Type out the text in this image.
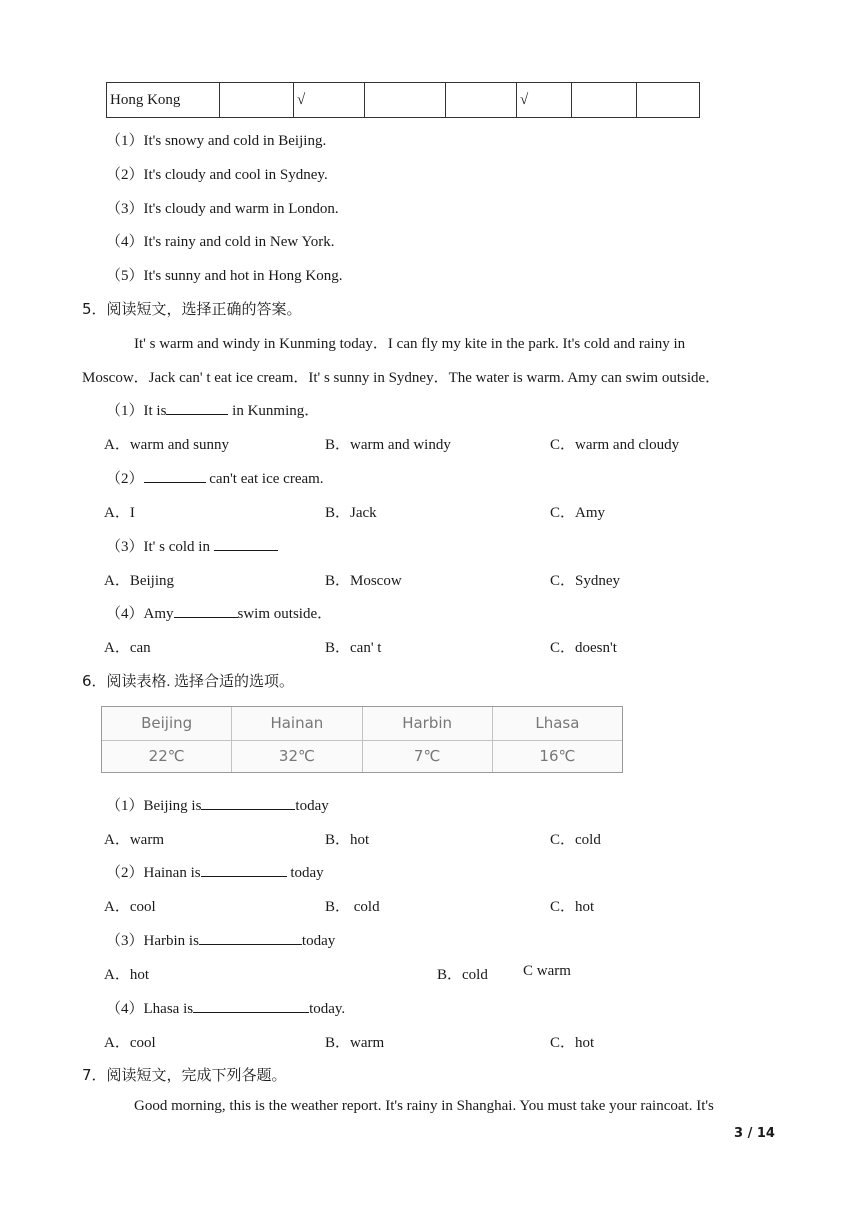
Hong Kong		√			√		
（1）It's snowy and cold in Beijing.
（2）It's cloudy and cool in Sydney.
（3）It's cloudy and warm in London.
（4）It's rainy and cold in New York.
（5）It's sunny and hot in Hong Kong.
5．阅读短文，选择正确的答案。
It' s warm and windy in Kunming today．I can fly my kite in the park. It's cold and rainy in
Moscow．Jack can' t eat ice cream．It' s sunny in Sydney．The water is warm. Amy can swim outside．
（1）It is	in Kunming．
A．warm and sunny	B．warm and windy	C．warm and cloudy
（2）	can't eat ice cream.
A．I	B．Jack	C．Amy
（3）It' s cold in
A．Beijing	B．Moscow	C．Sydney
（4）Amy	swim outside．
A．can	B．can' t	C．doesn't
6．阅读表格. 选择合适的选项。
Beijing	Hainan	Harbin	Lhasa
22℃	32℃	7℃	16℃
（1）Beijing is	today
A．warm	B．hot	C．cold
（2）Hainan is	today
A．cool	B． cold	C．hot
（3）Harbin is	today
A．hot	B．cold C warm
（4）Lhasa is	today.
A．cool	B．warm	C．hot
7．阅读短文，完成下列各题。
Good morning, this is the weather report. It's rainy in Shanghai. You must take your raincoat. It's
3 / 14
